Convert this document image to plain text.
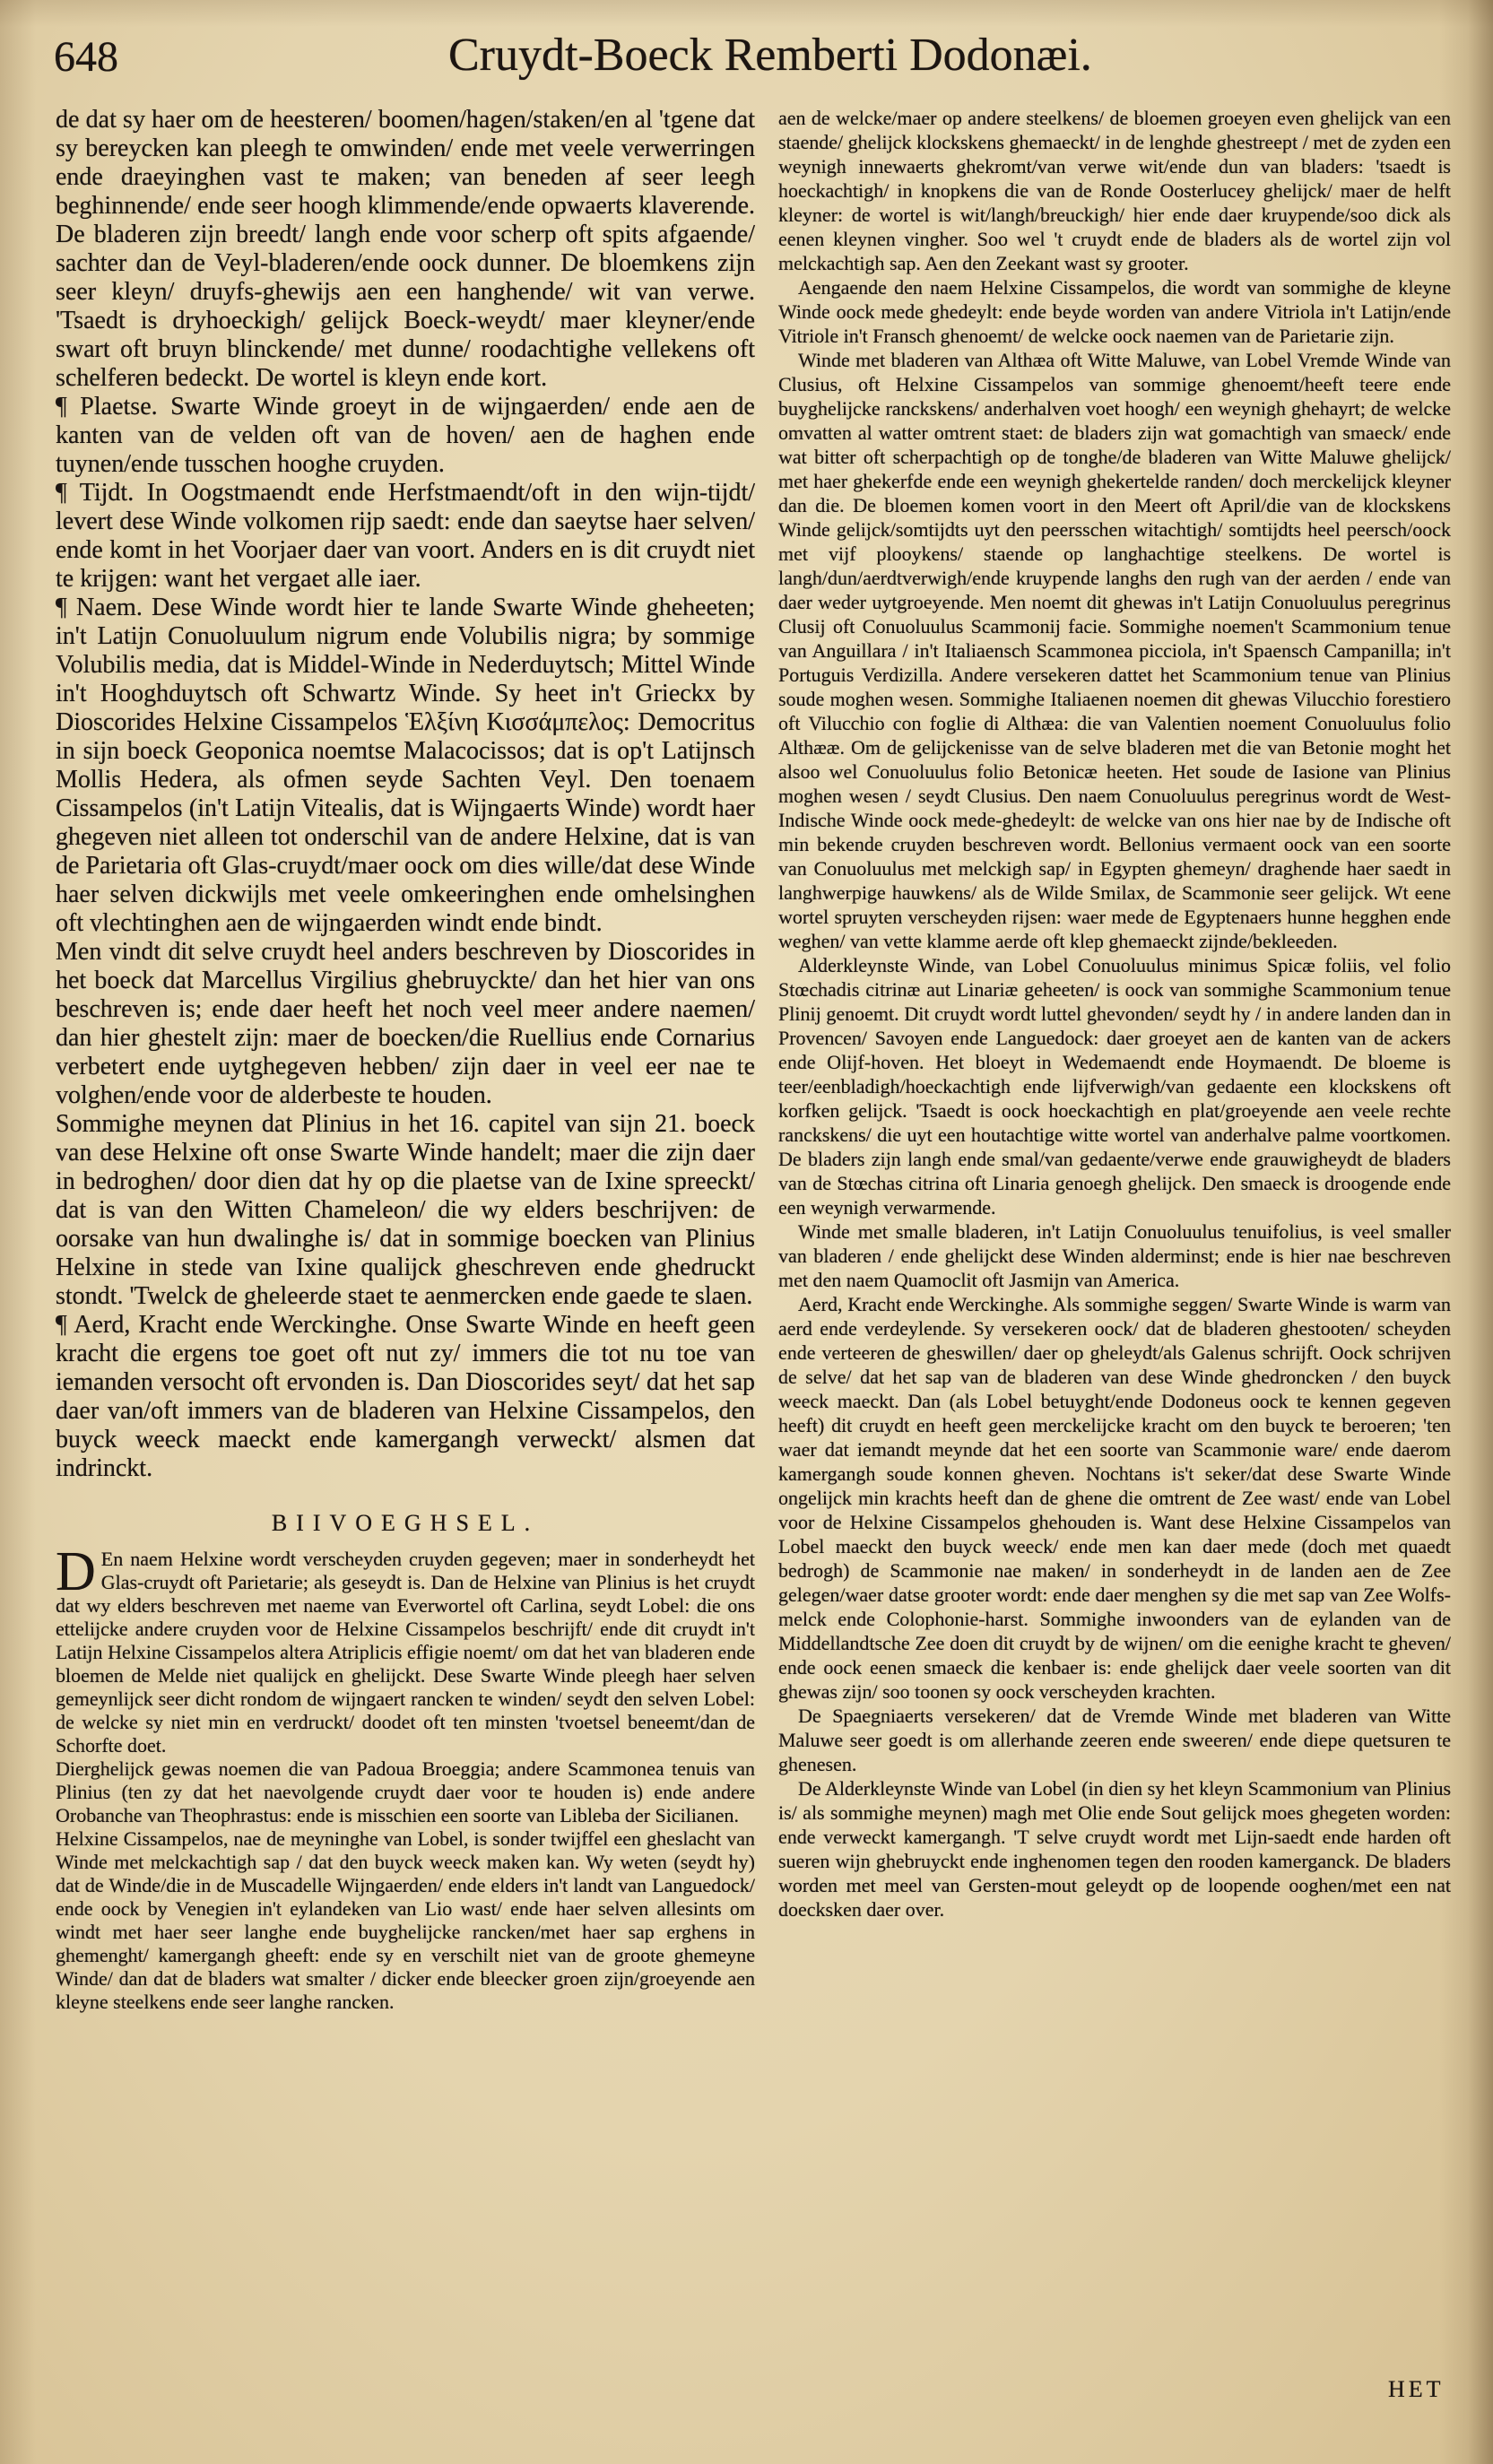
648	Cruydt-Boeck Remberti Dodonæi.

de dat sy haer om de heesteren/ boomen/hagen/staken/en al 'tgene dat sy bereycken kan pleegh te omwinden/ ende met veele verwerringen ende draeyinghen vast te maken; van beneden af seer leegh beghinnende/ ende seer hoogh klimmende/ende opwaerts klaverende. De bladeren zijn breedt/ langh ende voor scherp oft spits afgaende/ sachter dan de Veyl-bladeren/ende oock dunner. De bloemkens zijn seer kleyn/ druyfs-ghewijs aen een hanghende/ wit van verwe. 'Tsaedt is dryhoeckigh/ gelijck Boeck-weydt/ maer kleyner/ende swart oft bruyn blinckende/ met dunne/ roodachtighe vellekens oft schelferen bedeckt. De wortel is kleyn ende kort.

¶ Plaetse. Swarte Winde groeyt in de wijngaerden/ ende aen de kanten van de velden oft van de hoven/ aen de haghen ende tuynen/ende tusschen hooghe cruyden.

¶ Tijdt. In Oogstmaendt ende Herfstmaendt/oft in den wijn-tijdt/ levert dese Winde volkomen rijp saedt: ende dan saeytse haer selven/ ende komt in het Voorjaer daer van voort. Anders en is dit cruydt niet te krijgen: want het vergaet alle iaer.

¶ Naem. Dese Winde wordt hier te lande Swarte Winde gheheeten; in't Latijn Conuoluulum nigrum ende Volubilis nigra; by sommige Volubilis media, dat is Middel-Winde in Nederduytsch; Mittel Winde in't Hooghduytsch oft Schwartz Winde. Sy heet in't Grieckx by Dioscorides Helxine Cissampelos Ἑλξίνη Κισσάμπελος: Democritus in sijn boeck Geoponica noemtse Malacocissos; dat is op't Latijnsch Mollis Hedera, als ofmen seyde Sachten Veyl. Den toenaem Cissampelos (in't Latijn Vitealis, dat is Wijngaerts Winde) wordt haer ghegeven niet alleen tot onderschil van de andere Helxine, dat is van de Parietaria oft Glas-cruydt/maer oock om dies wille/dat dese Winde haer selven dickwijls met veele omkeeringhen ende omhelsinghen oft vlechtinghen aen de wijngaerden windt ende bindt.

Men vindt dit selve cruydt heel anders beschreven by Dioscorides in het boeck dat Marcellus Virgilius ghebruyckte/ dan het hier van ons beschreven is; ende daer heeft het noch veel meer andere naemen/ dan hier ghestelt zijn: maer de boecken/die Ruellius ende Cornarius verbetert ende uytghegeven hebben/ zijn daer in veel eer nae te volghen/ende voor de alderbeste te houden.

Sommighe meynen dat Plinius in het 16. capitel van sijn 21. boeck van dese Helxine oft onse Swarte Winde handelt; maer die zijn daer in bedroghen/ door dien dat hy op die plaetse van de Ixine spreeckt/ dat is van den Witten Chameleon/ die wy elders beschrijven: de oorsake van hun dwalinghe is/ dat in sommige boecken van Plinius Helxine in stede van Ixine qualijck gheschreven ende ghedruckt stondt. 'Twelck de gheleerde staet te aenmercken ende gaede te slaen.

¶ Aerd, Kracht ende Werckinghe. Onse Swarte Winde en heeft geen kracht die ergens toe goet oft nut zy/ immers die tot nu toe van iemanden versocht oft ervonden is. Dan Dioscorides seyt/ dat het sap daer van/oft immers van de bladeren van Helxine Cissampelos, den buyck weeck maeckt ende kamergangh verweckt/ alsmen dat indrinckt.

BIIVOEGHSEL.

DEn naem Helxine wordt verscheyden cruyden gegeven; maer in sonderheydt het Glas-cruydt oft Parietarie; als geseydt is. Dan de Helxine van Plinius is het cruydt dat wy elders beschreven met naeme van Everwortel oft Carlina, seydt Lobel: die ons ettelijcke andere cruyden voor de Helxine Cissampelos beschrijft/ ende dit cruydt in't Latijn Helxine Cissampelos altera Atriplicis effigie noemt/ om dat het van bladeren ende bloemen de Melde niet qualijck en ghelijckt. Dese Swarte Winde pleegh haer selven gemeynlijck seer dicht rondom de wijngaert rancken te winden/ seydt den selven Lobel: de welcke sy niet min en verdruckt/ doodet oft ten minsten 'tvoetsel beneemt/dan de Schorfte doet.

Dierghelijck gewas noemen die van Padoua Broeggia; andere Scammonea tenuis van Plinius (ten zy dat het naevolgende cruydt daer voor te houden is) ende andere Orobanche van Theophrastus: ende is misschien een soorte van Libleba der Sicilianen.

Helxine Cissampelos, nae de meyninghe van Lobel, is sonder twijffel een gheslacht van Winde met melckachtigh sap / dat den buyck weeck maken kan. Wy weten (seydt hy) dat de Winde/die in de Muscadelle Wijngaerden/ ende elders in't landt van Languedock/ ende oock by Venegien in't eylandeken van Lio wast/ ende haer selven allesints om windt met haer seer langhe ende buyghelijcke rancken/met haer sap erghens in ghemenght/ kamergangh gheeft: ende sy en verschilt niet van de groote ghemeyne Winde/ dan dat de bladers wat smalter / dicker ende bleecker groen zijn/groeyende aen kleyne steelkens ende seer langhe rancken.

aen de welcke/maer op andere steelkens/ de bloemen groeyen even ghelijck van een staende/ ghelijck klockskens ghemaeckt/ in de lenghde ghestreept / met de zyden een weynigh innewaerts ghekromt/van verwe wit/ende dun van bladers: 'tsaedt is hoeckachtigh/ in knopkens die van de Ronde Oosterlucey ghelijck/ maer de helft kleyner: de wortel is wit/langh/breuckigh/ hier ende daer kruypende/soo dick als eenen kleynen vingher. Soo wel 't cruydt ende de bladers als de wortel zijn vol melckachtigh sap. Aen den Zeekant wast sy grooter.

Aengaende den naem Helxine Cissampelos, die wordt van sommighe de kleyne Winde oock mede ghedeylt: ende beyde worden van andere Vitriola in't Latijn/ende Vitriole in't Fransch ghenoemt/ de welcke oock naemen van de Parietarie zijn.

Winde met bladeren van Althæa oft Witte Maluwe, van Lobel Vremde Winde van Clusius, oft Helxine Cissampelos van sommige ghenoemt/heeft teere ende buyghelijcke ranckskens/ anderhalven voet hoogh/ een weynigh ghehayrt; de welcke omvatten al watter omtrent staet: de bladers zijn wat gomachtigh van smaeck/ ende wat bitter oft scherpachtigh op de tonghe/de bladeren van Witte Maluwe ghelijck/ met haer ghekerfde ende een weynigh ghekertelde randen/ doch merckelijck kleyner dan die. De bloemen komen voort in den Meert oft April/die van de klockskens Winde gelijck/somtijdts uyt den peersschen witachtigh/ somtijdts heel peersch/oock met vijf plooykens/ staende op langhachtige steelkens. De wortel is langh/dun/aerdtverwigh/ende kruypende langhs den rugh van der aerden / ende van daer weder uytgroeyende. Men noemt dit ghewas in't Latijn Conuoluulus peregrinus Clusij oft Conuoluulus Scammonij facie. Sommighe noemen't Scammonium tenue van Anguillara / in't Italiaensch Scammonea picciola, in't Spaensch Campanilla; in't Portuguis Verdizilla. Andere versekeren dattet het Scammonium tenue van Plinius soude moghen wesen. Sommighe Italiaenen noemen dit ghewas Vilucchio forestiero oft Vilucchio con foglie di Althæa: die van Valentien noement Conuoluulus folio Althææ. Om de gelijckenisse van de selve bladeren met die van Betonie moght het alsoo wel Conuoluulus folio Betonicæ heeten. Het soude de Iasione van Plinius moghen wesen / seydt Clusius. Den naem Conuoluulus peregrinus wordt de West-Indische Winde oock mede-ghedeylt: de welcke van ons hier nae by de Indische oft min bekende cruyden beschreven wordt. Bellonius vermaent oock van een soorte van Conuoluulus met melckigh sap/ in Egypten ghemeyn/ draghende haer saedt in langhwerpige hauwkens/ als de Wilde Smilax, de Scammonie seer gelijck. Wt eene wortel spruyten verscheyden rijsen: waer mede de Egyptenaers hunne hegghen ende weghen/ van vette klamme aerde oft klep ghemaeckt zijnde/bekleeden.

Alderkleynste Winde, van Lobel Conuoluulus minimus Spicæ foliis, vel folio Stœchadis citrinæ aut Linariæ geheeten/ is oock van sommighe Scammonium tenue Plinij genoemt. Dit cruydt wordt luttel ghevonden/ seydt hy / in andere landen dan in Provencen/ Savoyen ende Languedock: daer groeyet aen de kanten van de ackers ende Olijf-hoven. Het bloeyt in Wedemaendt ende Hoymaendt. De bloeme is teer/eenbladigh/hoeckachtigh ende lijfverwigh/van gedaente een klockskens oft korfken gelijck. 'Tsaedt is oock hoeckachtigh en plat/groeyende aen veele rechte ranckskens/ die uyt een houtachtige witte wortel van anderhalve palme voortkomen. De bladers zijn langh ende smal/van gedaente/verwe ende grauwigheydt de bladers van de Stœchas citrina oft Linaria genoegh ghelijck. Den smaeck is droogende ende een weynigh verwarmende.

Winde met smalle bladeren, in't Latijn Conuoluulus tenuifolius, is veel smaller van bladeren / ende ghelijckt dese Winden alderminst; ende is hier nae beschreven met den naem Quamoclit oft Jasmijn van America.

Aerd, Kracht ende Werckinghe. Als sommighe seggen/ Swarte Winde is warm van aerd ende verdeylende. Sy versekeren oock/ dat de bladeren ghestooten/ scheyden ende verteeren de gheswillen/ daer op gheleydt/als Galenus schrijft. Oock schrijven de selve/ dat het sap van de bladeren van dese Winde ghedroncken / den buyck weeck maeckt. Dan (als Lobel betuyght/ende Dodoneus oock te kennen gegeven heeft) dit cruydt en heeft geen merckelijcke kracht om den buyck te beroeren; 'ten waer dat iemandt meynde dat het een soorte van Scammonie ware/ ende daerom kamergangh soude konnen gheven. Nochtans is't seker/dat dese Swarte Winde ongelijck min krachts heeft dan de ghene die omtrent de Zee wast/ ende van Lobel voor de Helxine Cissampelos ghehouden is. Want dese Helxine Cissampelos van Lobel maeckt den buyck weeck/ ende men kan daer mede (doch met quaedt bedrogh) de Scammonie nae maken/ in sonderheydt in de landen aen de Zee gelegen/waer datse grooter wordt: ende daer menghen sy die met sap van Zee Wolfs-melck ende Colophonie-harst. Sommighe inwoonders van de eylanden van de Middellandtsche Zee doen dit cruydt by de wijnen/ om die eenighe kracht te gheven/ ende oock eenen smaeck die kenbaer is: ende ghelijck daer veele soorten van dit ghewas zijn/ soo toonen sy oock verscheyden krachten.

De Spaegniaerts versekeren/ dat de Vremde Winde met bladeren van Witte Maluwe seer goedt is om allerhande zeeren ende sweeren/ ende diepe quetsuren te ghenesen.

De Alderkleynste Winde van Lobel (in dien sy het kleyn Scammonium van Plinius is/ als sommighe meynen) magh met Olie ende Sout gelijck moes ghegeten worden: ende verweckt kamergangh. 'T selve cruydt wordt met Lijn-saedt ende harden oft sueren wijn ghebruyckt ende inghenomen tegen den rooden kamerganck. De bladers worden met meel van Gersten-mout geleydt op de loopende ooghen/met een nat doecksken daer over.

HET
